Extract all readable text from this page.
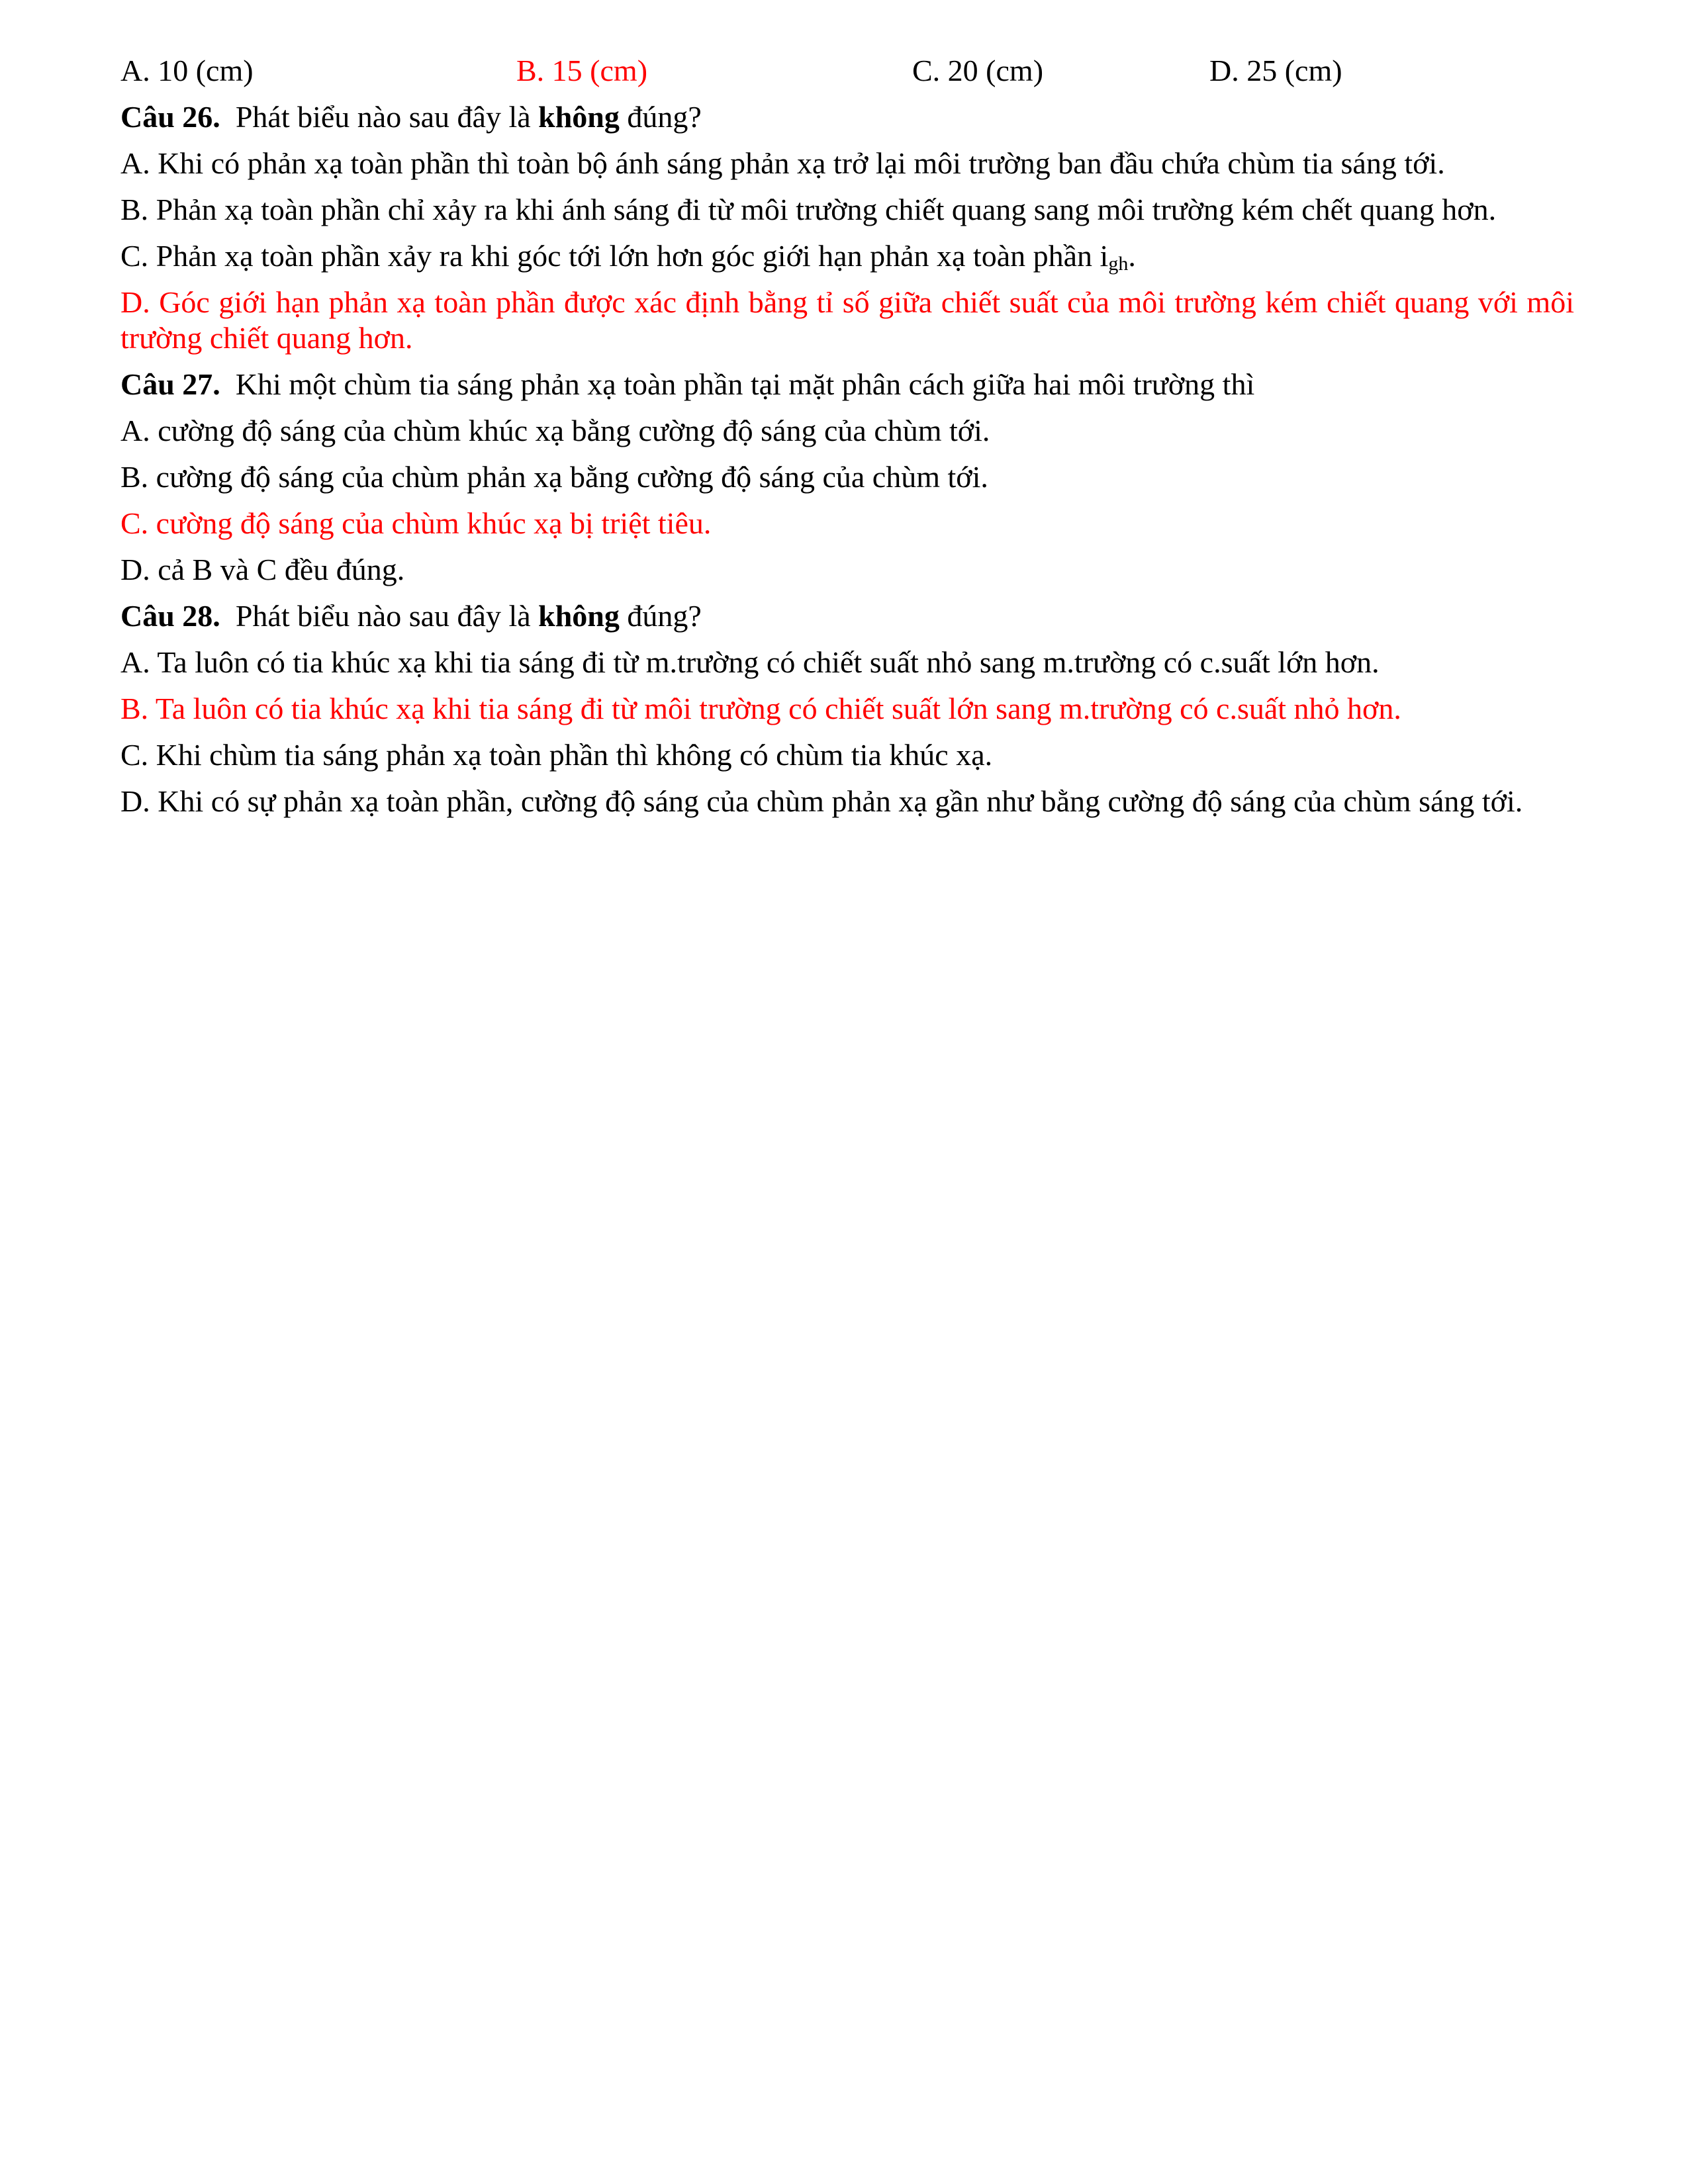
A. 10 (cm)	B. 15 (cm)	C. 20 (cm)	D. 25 (cm)
Câu 26. Phát biểu nào sau đây là không đúng?
A. Khi có phản xạ toàn phần thì toàn bộ ánh sáng phản xạ trở lại môi trường ban đầu chứa chùm tia sáng tới.
B. Phản xạ toàn phần chỉ xảy ra khi ánh sáng đi từ môi trường chiết quang sang môi trường kém chết quang hơn.
C. Phản xạ toàn phần xảy ra khi góc tới lớn hơn góc giới hạn phản xạ toàn phần $i_{gh}$.
D. Góc giới hạn phản xạ toàn phần được xác định bằng tỉ số giữa chiết suất của môi trường kém chiết quang với môi trường chiết quang hơn.
Câu 27. Khi một chùm tia sáng phản xạ toàn phần tại mặt phân cách giữa hai môi trường thì
A. cường độ sáng của chùm khúc xạ bằng cường độ sáng của chùm tới.
B. cường độ sáng của chùm phản xạ bằng cường độ sáng của chùm tới.
C. cường độ sáng của chùm khúc xạ bị triệt tiêu.
D. cả B và C đều đúng.
Câu 28. Phát biểu nào sau đây là không đúng?
A. Ta luôn có tia khúc xạ khi tia sáng đi từ m.trường có chiết suất nhỏ sang m.trường có c.suất lớn hơn.
B. Ta luôn có tia khúc xạ khi tia sáng đi từ môi trường có chiết suất lớn sang m.trường có c.suất nhỏ hơn.
C. Khi chùm tia sáng phản xạ toàn phần thì không có chùm tia khúc xạ.
D. Khi có sự phản xạ toàn phần, cường độ sáng của chùm phản xạ gần như bằng cường độ sáng của chùm sáng tới.
